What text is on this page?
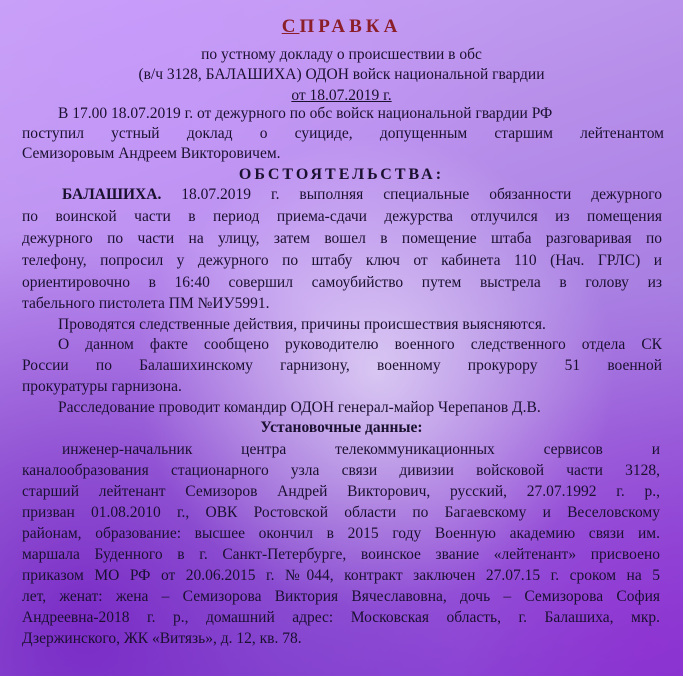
СПРАВКА
по устному докладу о происшествии в обс
(в/ч 3128, БАЛАШИХА) ОДОН войск национальной гвардии
от 18.07.2019 г.
В 17.00 18.07.2019 г. от дежурного по обс войск национальной гвардии РФ
поступил устный доклад о суициде, допущенным старшим лейтенантом
Семизоровым Андреем Викторовичем.
ОБСТОЯТЕЛЬСТВА:
БАЛАШИХА. 18.07.2019 г. выполняя специальные обязанности дежурного
по воинской части в период приема-сдачи дежурства отлучился из помещения
дежурного по части на улицу, затем вошел в помещение штаба разговаривая по
телефону, попросил у дежурного по штабу ключ от кабинета 110 (Нач. ГРЛС) и
ориентировочно в 16:40 совершил самоубийство путем выстрела в голову из
табельного пистолета ПМ №ИУ5991.
Проводятся следственные действия, причины происшествия выясняются.
О данном факте сообщено руководителю военного следственного отдела СК
России по Балашихинскому гарнизону, военному прокурору 51 военной
прокуратуры гарнизона.
Расследование проводит командир ОДОН генерал-майор Черепанов Д.В.
Установочные данные:
инженер-начальник центра телекоммуникационных сервисов и
каналообразования стационарного узла связи дивизии войсковой части 3128,
старший лейтенант Семизоров Андрей Викторович, русский, 27.07.1992 г. р.,
призван 01.08.2010 г., ОВК Ростовской области по Багаевскому и Веселовскому
районам, образование: высшее окончил в 2015 году Военную академию связи им.
маршала Буденного в г. Санкт-Петербурге, воинское звание «лейтенант» присвоено
приказом МО РФ от 20.06.2015 г. №044, контракт заключен 27.07.15 г. сроком на 5
лет, женат: жена – Семизорова Виктория Вячеславовна, дочь – Семизорова София
Андреевна-2018 г. р., домашний адрес: Московская область, г. Балашиха, мкр.
Дзержинского, ЖК «Витязь», д. 12, кв. 78.
